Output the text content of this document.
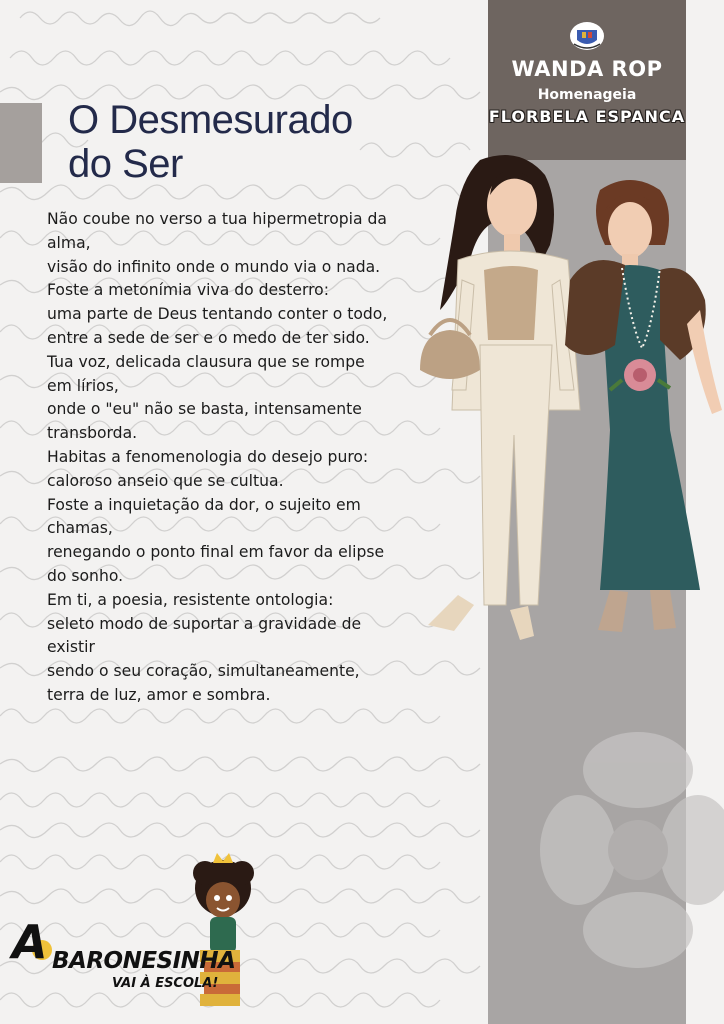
WANDA ROP
Homenageia
FLORBELA ESPANCA
O Desmesurado
do Ser
Não coube no verso a tua hipermetropia da
alma,
visão do infinito onde o mundo via o nada.
Foste a metonímia viva do desterro:
uma parte de Deus tentando conter o todo,
entre a sede de ser e o medo de ter sido.
Tua voz, delicada clausura que se rompe
em lírios,
onde o "eu" não se basta, intensamente
transborda.
Habitas a fenomenologia do desejo puro:
caloroso anseio que se cultua.
Foste a inquietação da dor, o sujeito em
chamas,
renegando o ponto final em favor da elipse
do sonho.
Em ti, a poesia, resistente ontologia:
seleto modo de suportar a gravidade de
existir
sendo o seu coração, simultaneamente,
terra de luz, amor e sombra.
BARONESINHA
VAI À ESCOLA!
A
